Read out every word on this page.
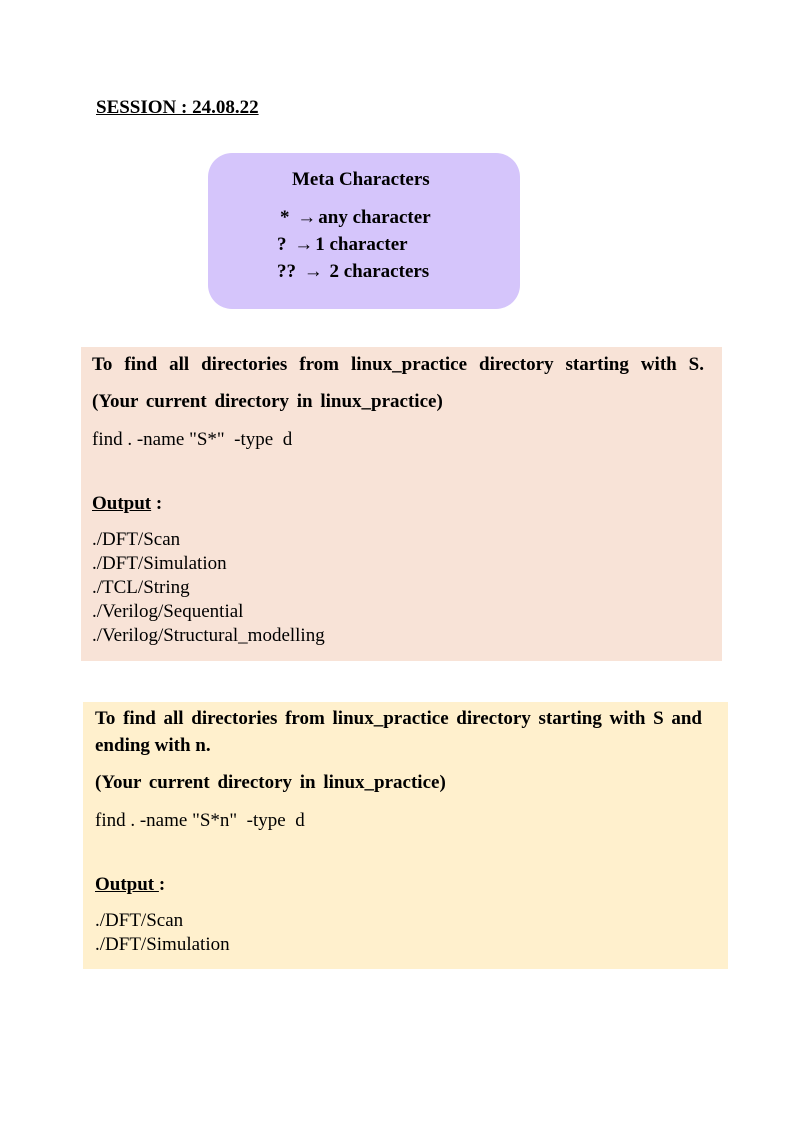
SESSION : 24.08.22
Meta Characters
* → any character
? → 1 character
?? → 2 characters
To find all directories from linux_practice directory starting with S.
(Your current directory in linux_practice)
find . -name "S*"  -type  d
Output :
./DFT/Scan
./DFT/Simulation
./TCL/String
./Verilog/Sequential
./Verilog/Structural_modelling
To find all directories from linux_practice directory starting with S and ending with n.
(Your current directory in linux_practice)
find . -name "S*n"  -type  d
Output :
./DFT/Scan
./DFT/Simulation
